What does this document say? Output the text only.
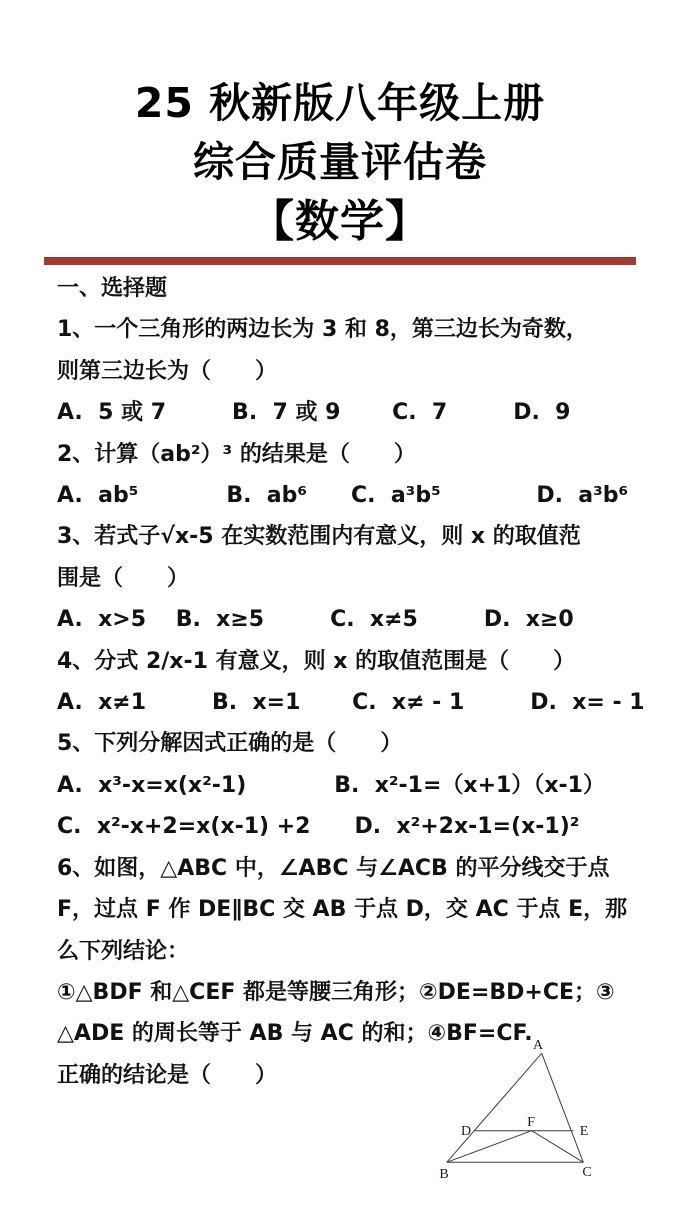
25 秋新版八年级上册
综合质量评估卷
【数学】
一、选择题
1、一个三角形的两边长为 3 和 8，第三边长为奇数，
则第三边长为（　　）
A.  5 或 7　　　B.  7 或 9　　 C.  7　　　D.  9
2、计算（ab²）³ 的结果是（　　）
A.  ab⁵　　　　B.  ab⁶　　C.  a³b⁵　　　　 D.  a³b⁶
3、若式子√x-5 在实数范围内有意义，则 x 的取值范
围是（　　）
A.  x>5　 B.  x≥5　　　C.  x≠5　　　D.  x≥0
4、分式 2/x-1 有意义，则 x 的取值范围是（　　）
A.  x≠1　　　B.  x=1　　 C.  x≠ - 1　　　D.  x= - 1
5、下列分解因式正确的是（　　）
A.  x³-x=x(x²-1)　　　　B.  x²-1=（x+1）（x-1）
C.  x²-x+2=x(x-1) +2　　D.  x²+2x-1=(x-1)²
6、如图，△ABC 中，∠ABC 与∠ACB 的平分线交于点
F，过点 F 作 DE∥BC 交 AB 于点 D，交 AC 于点 E，那
么下列结论：
①△BDF 和△CEF 都是等腰三角形；②DE=BD+CE；③
△ADE 的周长等于 AB 与 AC 的和；④BF=CF.
正确的结论是（　　）
A
B	C
D	E
F
